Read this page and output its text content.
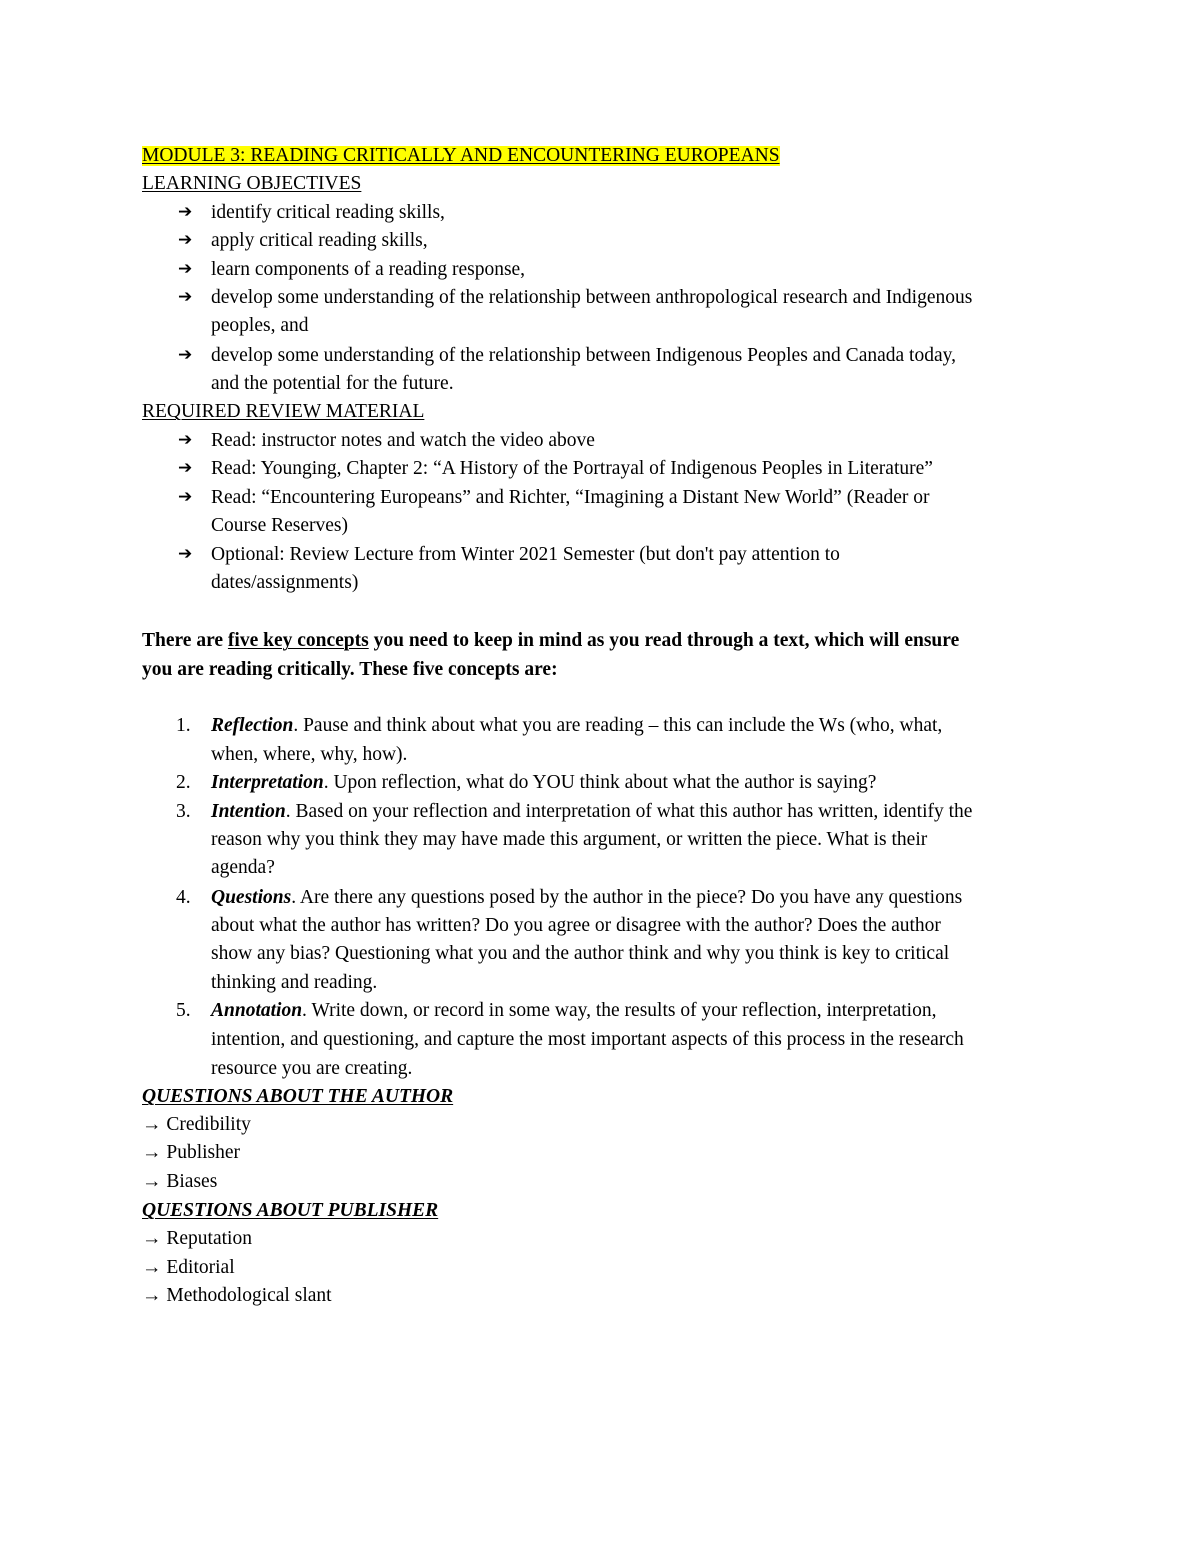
MODULE 3: READING CRITICALLY AND ENCOUNTERING EUROPEANS
LEARNING OBJECTIVES
➔ identify critical reading skills,
➔ apply critical reading skills,
➔ learn components of a reading response,
➔ develop some understanding of the relationship between anthropological research and Indigenous
peoples, and
➔ develop some understanding of the relationship between Indigenous Peoples and Canada today,
and the potential for the future.
REQUIRED REVIEW MATERIAL
➔ Read: instructor notes and watch the video above
➔ Read: Younging, Chapter 2: “A History of the Portrayal of Indigenous Peoples in Literature”
➔ Read: “Encountering Europeans” and Richter, “Imagining a Distant New World” (Reader or
Course Reserves)
➔ Optional: Review Lecture from Winter 2021 Semester (but don't pay attention to
dates/assignments)
There are five key concepts you need to keep in mind as you read through a text, which will ensure
you are reading critically. These five concepts are:
1. Reflection. Pause and think about what you are reading – this can include the Ws (who, what,
when, where, why, how).
2. Interpretation. Upon reflection, what do YOU think about what the author is saying?
3. Intention. Based on your reflection and interpretation of what this author has written, identify the
reason why you think they may have made this argument, or written the piece. What is their
agenda?
4. Questions. Are there any questions posed by the author in the piece? Do you have any questions
about what the author has written? Do you agree or disagree with the author? Does the author
show any bias? Questioning what you and the author think and why you think is key to critical
thinking and reading.
5. Annotation. Write down, or record in some way, the results of your reflection, interpretation,
intention, and questioning, and capture the most important aspects of this process in the research
resource you are creating.
QUESTIONS ABOUT THE AUTHOR
→ Credibility
→ Publisher
→ Biases
QUESTIONS ABOUT PUBLISHER
→ Reputation
→ Editorial
→ Methodological slant
